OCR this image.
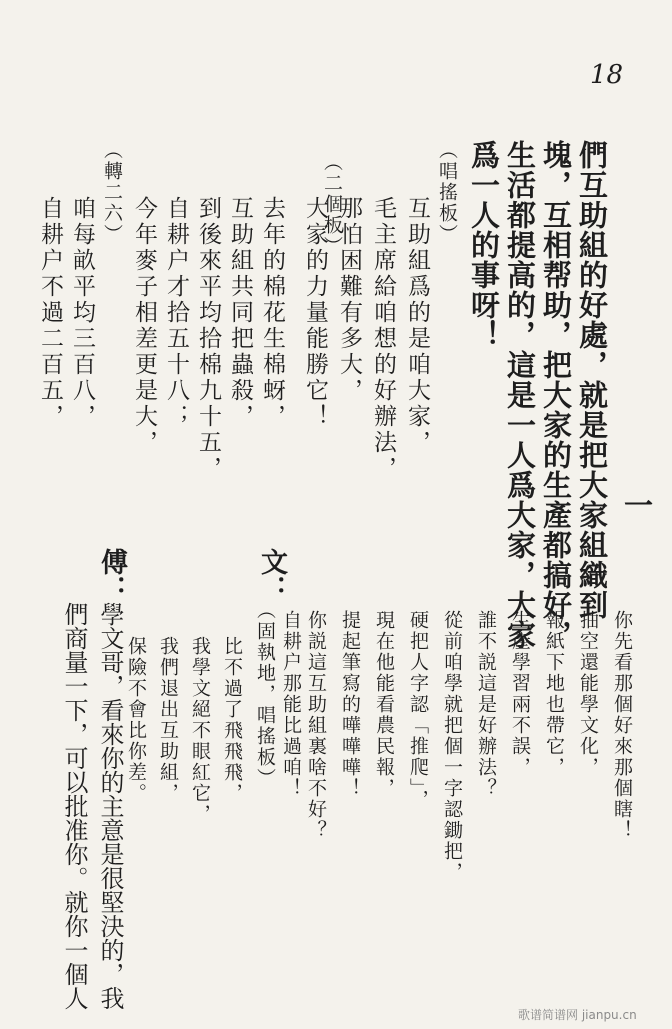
18
們互助組的好處，就是把大家組織到 一
塊，互相帮助，把大家的生產都搞好，
生活都提高的，這是一人爲大家，大家
爲一人的事呀！
（唱搖板）
互助組爲的是咱大家，
毛主席給咱想的好辦法，
那怕困難有多大，
大家的力量能勝它！
（二個板）
去年的棉花生棉蚜，
互助組共同把蟲殺，
到後來平均拾棉九十五，
自耕户才拾五十八；
今年麥子相差更是大，
（轉二六）
咱每畝平均三百八，
自耕户不過二百五，
你先看那個好來那個瞎！
抽空還能學文化，
報紙下地也帶它，
生產學習兩不誤，
誰不説這是好辦法？
從前咱學就把個一字認鋤把，
硬把人字認「推爬」，
現在他能看農民報，
提起筆寫的嘩嘩嘩！
你説這互助組裏啥不好？
自耕户那能比過咱！
文：
（固執地，唱搖板）
比不過了飛飛飛，
我學文絕不眼紅它，
我們退出互助組，
保險不會比你差。
傅：
學文哥，看來你的主意是很堅決的，我
們商量一下，可以批准你。就你一個人
歌谱简谱网 jianpu.cn
